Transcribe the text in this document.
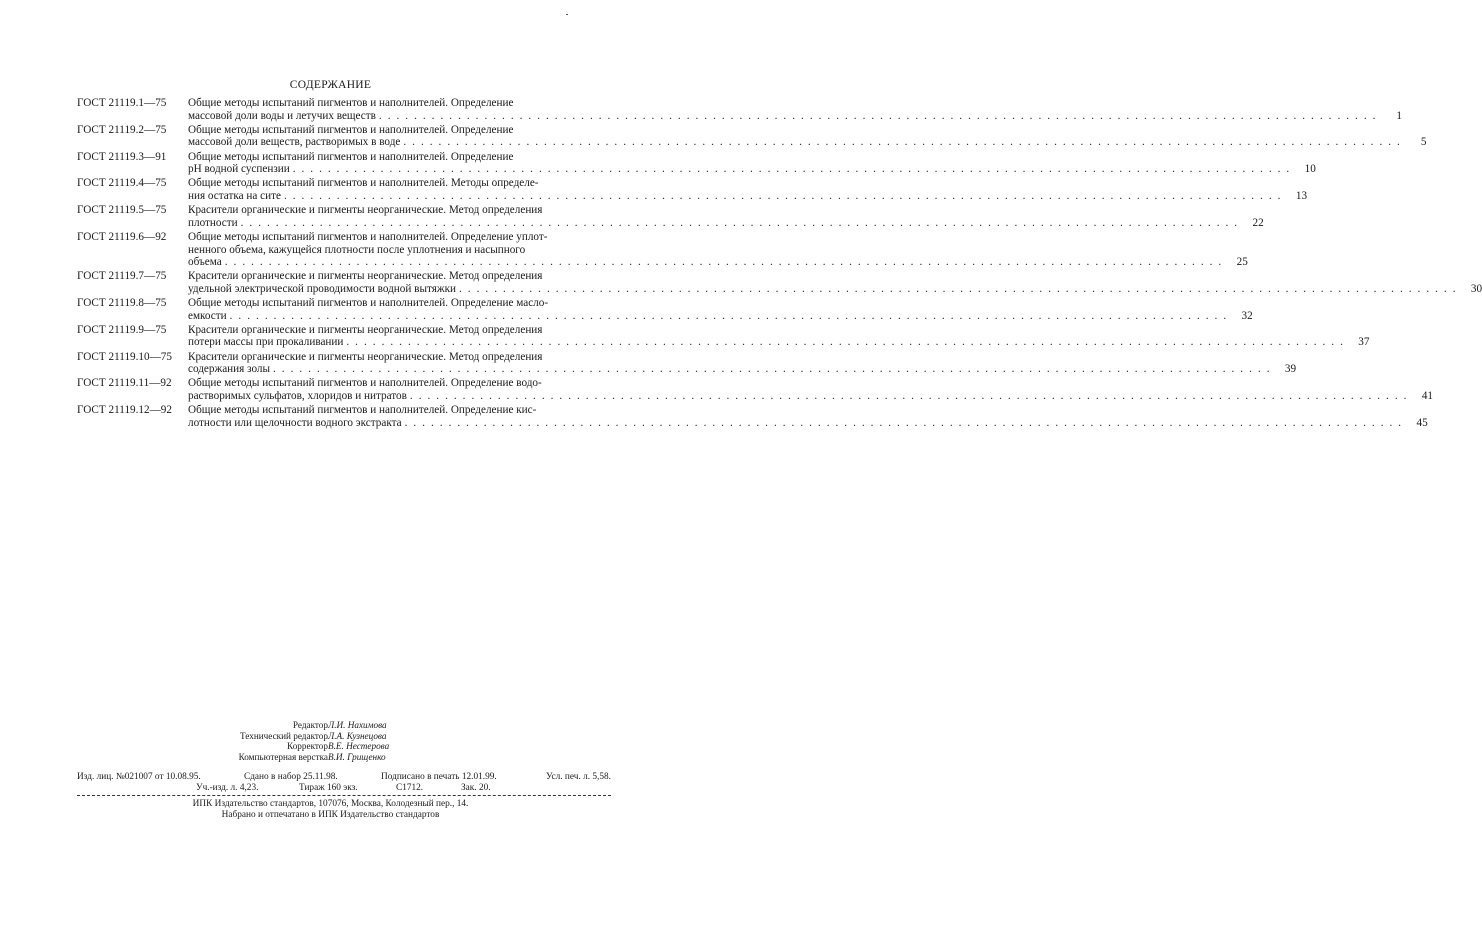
СОДЕРЖАНИЕ
ГОСТ 21119.1—75	Общие методы испытаний пигментов и наполнителей. Определение
массовой доли воды и летучих веществ . . .	1
ГОСТ 21119.2—75	Общие методы испытаний пигментов и наполнителей. Определение
массовой доли веществ, растворимых в воде . . .	5
ГОСТ 21119.3—91	Общие методы испытаний пигментов и наполнителей. Определение
pH водной суспензии . . .	10
ГОСТ 21119.4—75	Общие методы испытаний пигментов и наполнителей. Методы определе-
ния остатка на сите . . .	13
ГОСТ 21119.5—75	Красители органические и пигменты неорганические. Метод определения
плотности . . .	22
ГОСТ 21119.6—92	Общие методы испытаний пигментов и наполнителей. Определение уплот-
ненного объема, кажущейся плотности после уплотнения и насыпного
объема . . .	25
ГОСТ 21119.7—75	Красители органические и пигменты неорганические. Метод определения
удельной электрической проводимости водной вытяжки . . .	30
ГОСТ 21119.8—75	Общие методы испытаний пигментов и наполнителей. Определение масло-
емкости . . .	32
ГОСТ 21119.9—75	Красители органические и пигменты неорганические. Метод определения
потери массы при прокаливании . . .	37
ГОСТ 21119.10—75	Красители органические и пигменты неорганические. Метод определения
содержания золы . . .	39
ГОСТ 21119.11—92	Общие методы испытаний пигментов и наполнителей. Определение водо-
растворимых сульфатов, хлоридов и нитратов . . .	41
ГОСТ 21119.12—92	Общие методы испытаний пигментов и наполнителей. Определение кис-
лотности или щелочности водного экстракта . . .	45
Редактор Л.И. Нахимова
Технический редактор Л.А. Кузнецова
Корректор В.Е. Нестерова
Компьютерная верстка В.И. Грищенко
Изд. лиц. №021007 от 10.08.95.	Сдано в набор 25.11.98.	Подписано в печать 12.01.99.	Усл. печ. л. 5,58.
Уч.-изд. л. 4,23.	Тираж 160 экз.	С1712.	Зак. 20.
ИПК Издательство стандартов, 107076, Москва, Колодезный пер., 14.
Набрано и отпечатано в ИПК Издательство стандартов
